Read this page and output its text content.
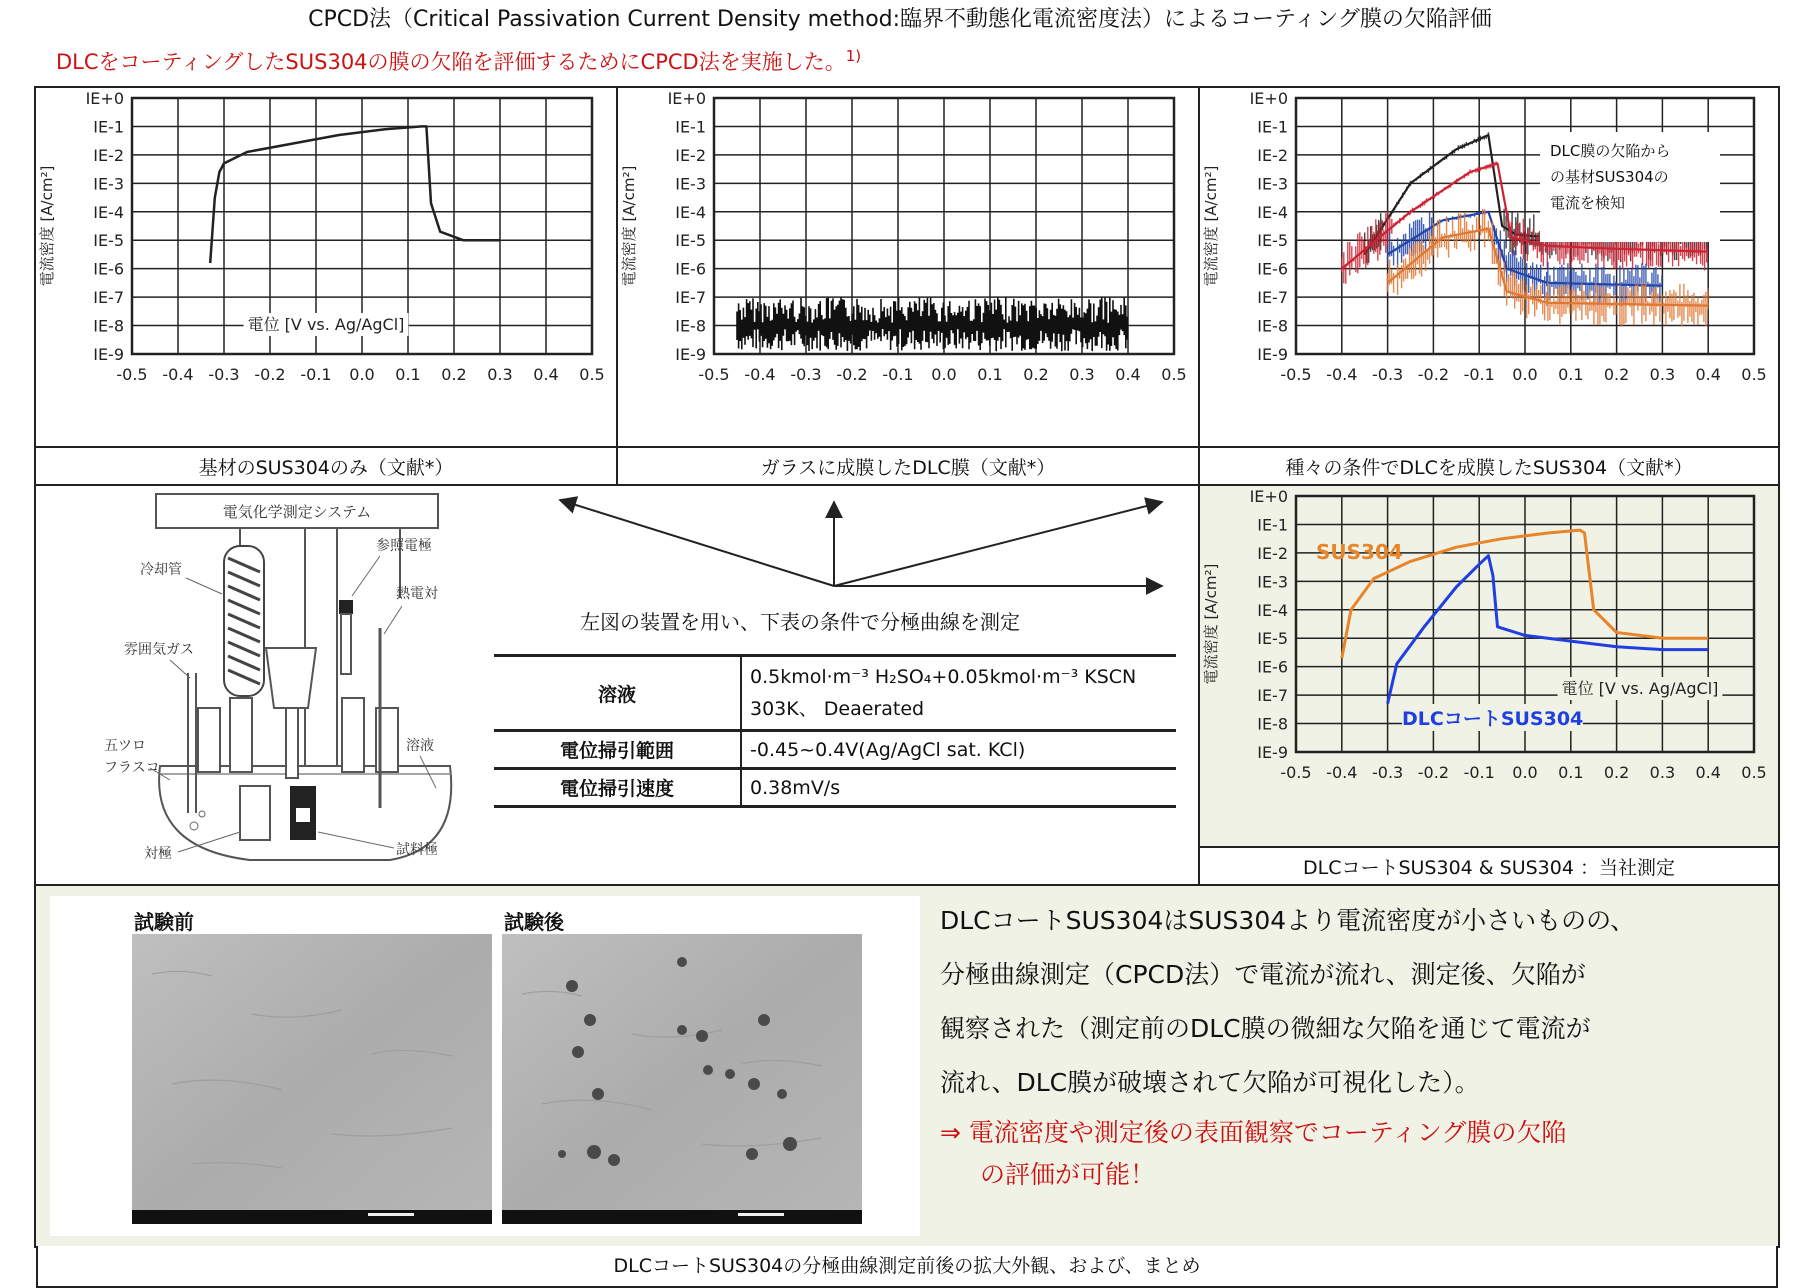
CPCD法（Critical Passivation Current Density method:臨界不動態化電流密度法）によるコーティング膜の欠陥評価
DLCをコーティングしたSUS304の膜の欠陥を評価するためにCPCD法を実施した。$^{1)}$
基材のSUS304のみ（文献*）	ガラスに成膜したDLC膜（文献*）	種々の条件でDLCを成膜したSUS304（文献*）
DLCコートSUS304 & SUS304 ：当社測定
DLCコートSUS304の分極曲線測定前後の拡大外観、および、まとめ
IE+0
IE-1
IE-2
IE-3
IE-4
IE-5
IE-6
IE-7
IE-8
IE-9
-0.5 -0.4 -0.3 -0.2 -0.1 0.0 0.1 0.2 0.3 0.4 0.5
電流密度 [A/cm²]
電位 [V vs. Ag/AgCl]
IE+0
IE-1
IE-2
IE-3
IE-4
IE-5
IE-6
IE-7
IE-8
IE-9
-0.5 -0.4 -0.3 -0.2 -0.1 0.0 0.1 0.2 0.3 0.4 0.5
電流密度 [A/cm²]
IE+0
IE-1
IE-2
IE-3
IE-4
IE-5
IE-6
IE-7
IE-8
IE-9
-0.5 -0.4 -0.3 -0.2 -0.1 0.0 0.1 0.2 0.3 0.4 0.5
電流密度 [A/cm²]
IE+0
IE-1
IE-2
IE-3
IE-4
IE-5
IE-6
IE-7
IE-8
IE-9
-0.5 -0.4 -0.3 -0.2 -0.1 0.0 0.1 0.2 0.3 0.4 0.5
電流密度 [A/cm²]
電位 [V vs. Ag/AgCl]
DLC膜の欠陥から
の基材SUS304の
電流を検知
SUS304
DLCコートSUS304
電気化学測定システム
冷却管
参照電極
熱電対
雰囲気ガス
五ツロ
フラスコ
溶液
対極	試料極
左図の装置を用い、下表の条件で分極曲線を測定
溶液	0.5kmol·m⁻³ H₂SO₄+0.05kmol·m⁻³ KSCN
303K、 Deaerated

電位掃引範囲	-0.45~0.4V(Ag/AgCl sat. KCl)
電位掃引速度	0.38mV/s
試験前	試験後	DLCコートSUS304はSUS304より電流密度が小さいものの、
分極曲線測定（CPCD法）で電流が流れ、測定後、欠陥が
観察された（測定前のDLC膜の微細な欠陥を通じて電流が
流れ、DLC膜が破壊されて欠陥が可視化した）。
⇒ 電流密度や測定後の表面観察でコーティング膜の欠陥
の評価が可能！
